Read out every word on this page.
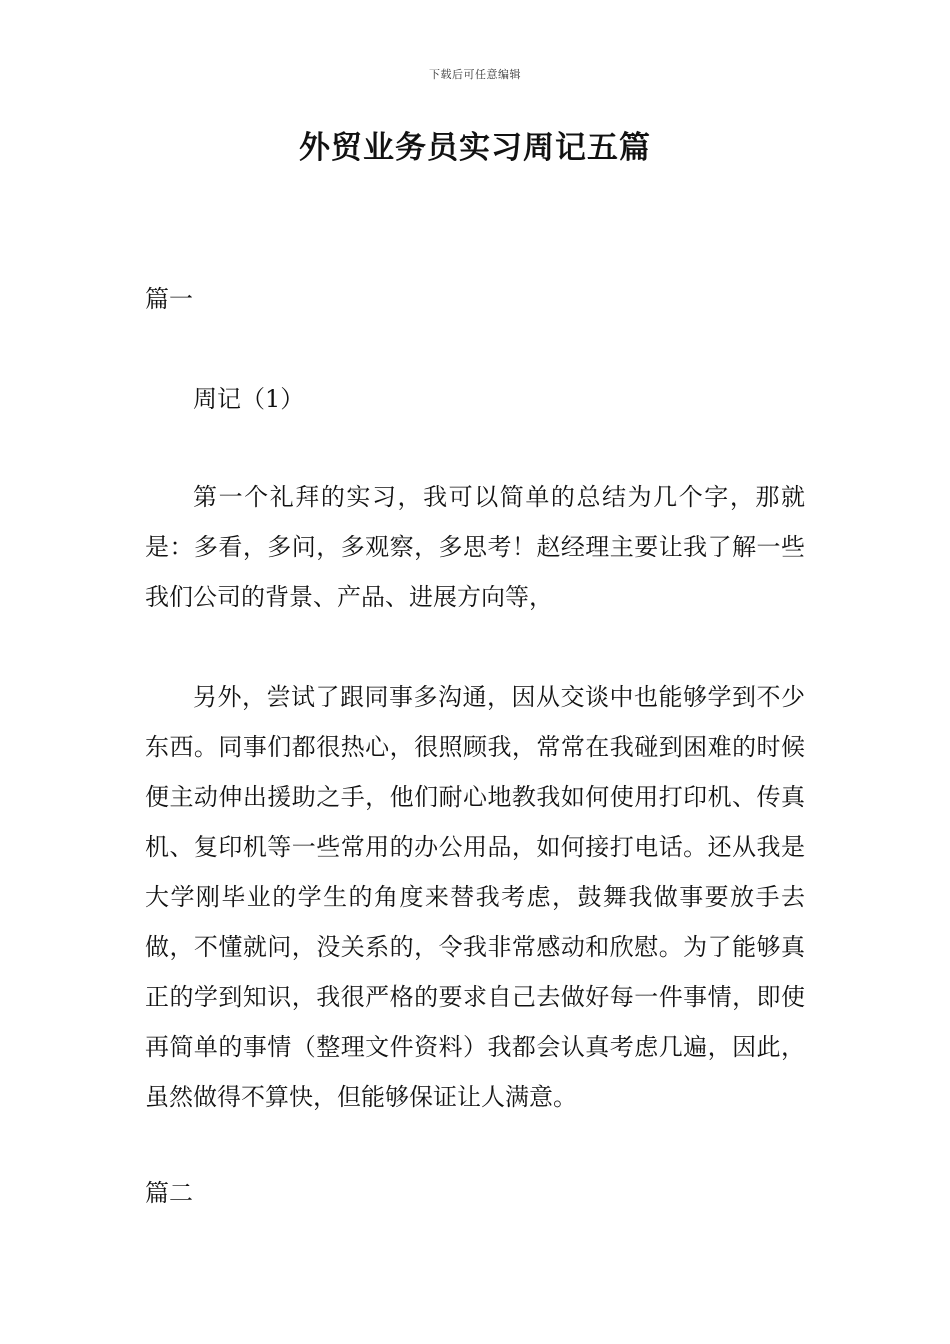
下载后可任意编辑
外贸业务员实习周记五篇

篇一

周记（1）

第一个礼拜的实习，我可以简单的总结为几个字，那就是：多看，多问，多观察，多思考！赵经理主要让我了解一些我们公司的背景、产品、进展方向等，

另外，尝试了跟同事多沟通，因从交谈中也能够学到不少东西。同事们都很热心，很照顾我，常常在我碰到困难的时候便主动伸出援助之手，他们耐心地教我如何使用打印机、传真机、复印机等一些常用的办公用品，如何接打电话。还从我是大学刚毕业的学生的角度来替我考虑，鼓舞我做事要放手去做，不懂就问，没关系的，令我非常感动和欣慰。为了能够真正的学到知识，我很严格的要求自己去做好每一件事情，即使再简单的事情（整理文件资料）我都会认真考虑几遍，因此，虽然做得不算快，但能够保证让人满意。

篇二
